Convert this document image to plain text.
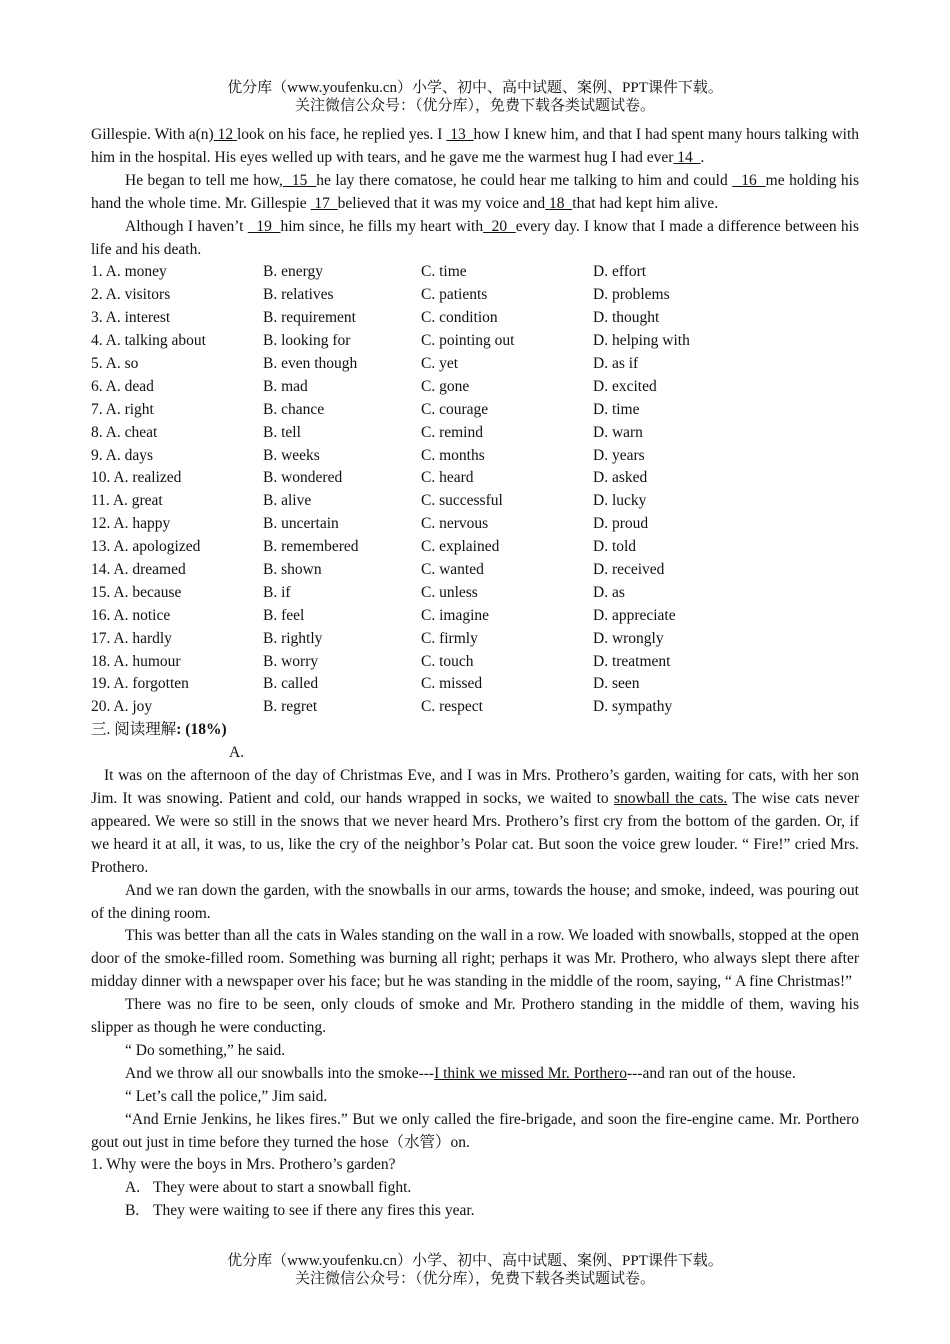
优分库（www.youfenku.cn）小学、初中、高中试题、案例、PPT课件下载。
关注微信公众号：（优分库），免费下载各类试题试卷。

Gillespie. With a(n) 12 look on his face, he replied yes. I  13  how I knew him, and that I had spent many hours talking with him in the hospital. His eyes welled up with tears, and he gave me the warmest hug I had ever 14  .

He began to tell me how,  15  he lay there comatose, he could hear me talking to him and could   16  me holding his hand the whole time. Mr. Gillespie  17  believed that it was my voice and 18  that had kept him alive.

Although I haven’t   19  him since, he fills my heart with  20  every day. I know that I made a difference between his life and his death.

1. A. money	B. energy	C. time	D. effort
2. A. visitors	B. relatives	C. patients	D. problems
3. A. interest	B. requirement	C. condition	D. thought
4. A. talking about	B. looking for	C. pointing out	D. helping with
5. A. so	B. even though	C. yet	D. as if
6. A. dead	B. mad	C. gone	D. excited
7. A. right	B. chance	C. courage	D. time
8. A. cheat	B. tell	C. remind	D. warn
9. A. days	B. weeks	C. months	D. years
10. A. realized	B. wondered	C. heard	D. asked
11. A. great	B. alive	C. successful	D. lucky
12. A. happy	B. uncertain	C. nervous	D. proud
13. A. apologized	B. remembered	C. explained	D. told
14. A. dreamed	B. shown	C. wanted	D. received
15. A. because	B. if	C. unless	D. as
16. A. notice	B. feel	C. imagine	D. appreciate
17. A. hardly	B. rightly	C. firmly	D. wrongly
18. A. humour	B. worry	C. touch	D. treatment
19. A. forgotten	B. called	C. missed	D. seen
20. A. joy	B. regret	C. respect	D. sympathy

三. 阅读理解: (18%)

A.

It was on the afternoon of the day of Christmas Eve, and I was in Mrs. Prothero’s garden, waiting for cats, with her son Jim. It was snowing. Patient and cold, our hands wrapped in socks, we waited to snowball the cats. The wise cats never appeared. We were so still in the snows that we never heard Mrs. Prothero’s first cry from the bottom of the garden. Or, if we heard it at all, it was, to us, like the cry of the neighbor’s Polar cat. But soon the voice grew louder. “ Fire!” cried Mrs. Prothero.

And we ran down the garden, with the snowballs in our arms, towards the house; and smoke, indeed, was pouring out of the dining room.

This was better than all the cats in Wales standing on the wall in a row. We loaded with snowballs, stopped at the open door of the smoke-filled room. Something was burning all right; perhaps it was Mr. Prothero, who always slept there after midday dinner with a newspaper over his face; but he was standing in the middle of the room, saying, “ A fine Christmas!”

There was no fire to be seen, only clouds of smoke and Mr. Prothero standing in the middle of them, waving his slipper as though he were conducting.

“ Do something,” he said.

And we throw all our snowballs into the smoke---I think we missed Mr. Porthero---and ran out of the house.

“ Let’s call the police,” Jim said.

“And Ernie Jenkins, he likes fires.” But we only called the fire-brigade, and soon the fire-engine came. Mr. Porthero gout out just in time before they turned the hose（水管）on.

1. Why were the boys in Mrs. Prothero’s garden?

A. They were about to start a snowball fight.

B. They were waiting to see if there any fires this year.

优分库（www.youfenku.cn）小学、初中、高中试题、案例、PPT课件下载。
关注微信公众号：（优分库），免费下载各类试题试卷。
